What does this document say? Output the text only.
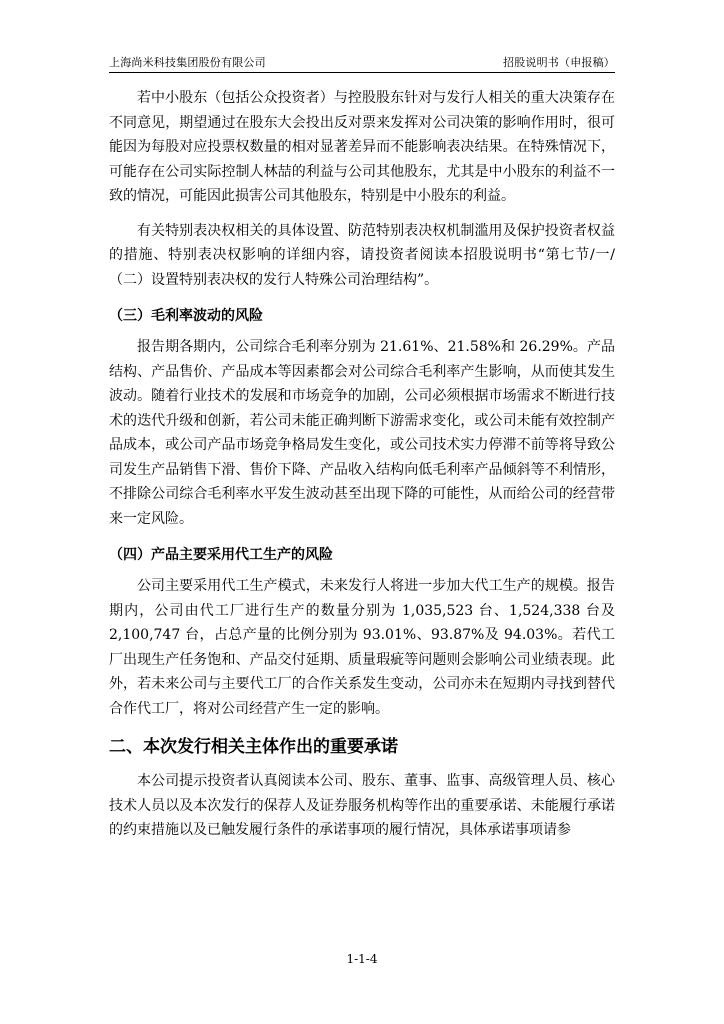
上海尚米科技集团股份有限公司	招股说明书（申报稿）

若中小股东（包括公众投资者）与控股股东针对与发行人相关的重大决策存在不同意见，期望通过在股东大会投出反对票来发挥对公司决策的影响作用时，很可能因为每股对应投票权数量的相对显著差异而不能影响表决结果。在特殊情况下，可能存在公司实际控制人林喆的利益与公司其他股东，尤其是中小股东的利益不一致的情况，可能因此损害公司其他股东，特别是中小股东的利益。

有关特别表决权相关的具体设置、防范特别表决权机制滥用及保护投资者权益的措施、特别表决权影响的详细内容，请投资者阅读本招股说明书“第七节/一/（二）设置特别表决权的发行人特殊公司治理结构”。

（三）毛利率波动的风险

报告期各期内，公司综合毛利率分别为 21.61%、21.58%和 26.29%。产品结构、产品售价、产品成本等因素都会对公司综合毛利率产生影响，从而使其发生波动。随着行业技术的发展和市场竞争的加剧，公司必须根据市场需求不断进行技术的迭代升级和创新，若公司未能正确判断下游需求变化，或公司未能有效控制产品成本，或公司产品市场竞争格局发生变化，或公司技术实力停滞不前等将导致公司发生产品销售下滑、售价下降、产品收入结构向低毛利率产品倾斜等不利情形，不排除公司综合毛利率水平发生波动甚至出现下降的可能性，从而给公司的经营带来一定风险。

（四）产品主要采用代工生产的风险

公司主要采用代工生产模式，未来发行人将进一步加大代工生产的规模。报告期内，公司由代工厂进行生产的数量分别为 1,035,523 台、1,524,338 台及 2,100,747 台，占总产量的比例分别为 93.01%、93.87%及 94.03%。若代工厂出现生产任务饱和、产品交付延期、质量瑕疵等问题则会影响公司业绩表现。此外，若未来公司与主要代工厂的合作关系发生变动，公司亦未在短期内寻找到替代合作代工厂，将对公司经营产生一定的影响。

二、本次发行相关主体作出的重要承诺

本公司提示投资者认真阅读本公司、股东、董事、监事、高级管理人员、核心技术人员以及本次发行的保荐人及证券服务机构等作出的重要承诺、未能履行承诺的约束措施以及已触发履行条件的承诺事项的履行情况，具体承诺事项请参

1-1-4
